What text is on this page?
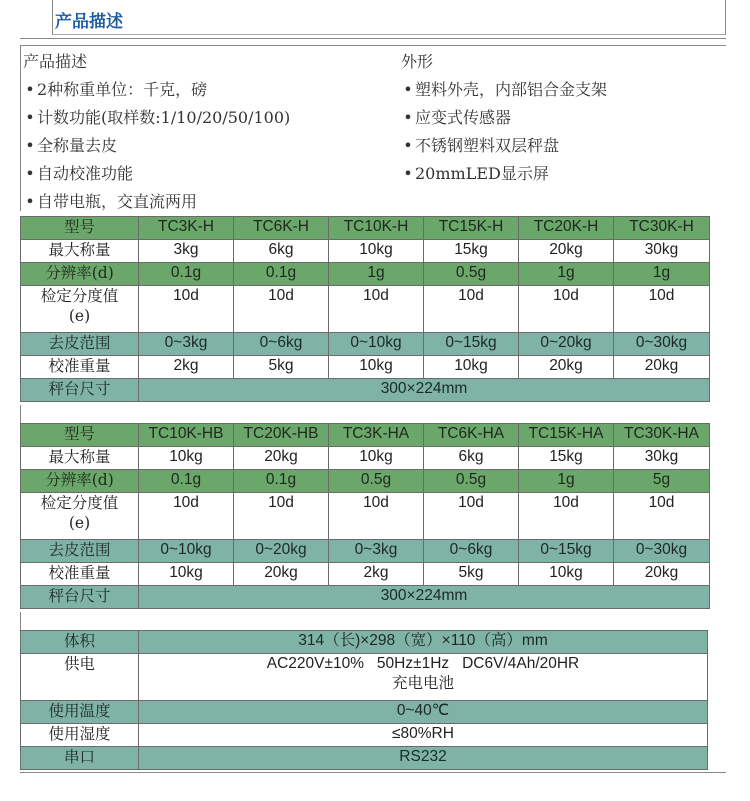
产品描述
产品描述
• 2种称重单位：千克，磅
• 计数功能(取样数:1/10/20/50/100)
• 全称量去皮
• 自动校准功能
• 自带电瓶，交直流两用
外形
• 塑料外壳，内部铝合金支架
• 应变式传感器
• 不锈钢塑料双层秤盘
• 20mmLED显示屏
型号	TC3K-H	TC6K-H	TC10K-H	TC15K-H	TC20K-H	TC30K-H
最大称量	3kg	6kg	10kg	15kg	20kg	30kg
分辨率(d)	0.1g	0.1g	1g	0.5g	1g	1g

检定分度值
(e)	10d	10d	10d	10d	10d	10d
去皮范围	0~3kg	0~6kg	0~10kg	0~15kg	0~20kg	0~30kg
校准重量	2kg	5kg	10kg	10kg	20kg	20kg
秤台尺寸	300×224mm					
型号	TC10K-HB	TC20K-HB	TC3K-HA	TC6K-HA	TC15K-HA	TC30K-HA
最大称量	10kg	20kg	10kg	6kg	15kg	30kg
分辨率(d)	0.1g	0.1g	0.5g	0.5g	1g	5g

检定分度值
(e)	10d	10d	10d	10d	10d	10d
去皮范围	0~10kg	0~20kg	0~3kg	0~6kg	0~15kg	0~30kg
校准重量	10kg	20kg	2kg	5kg	10kg	20kg
秤台尺寸	300×224mm					
体积	314（长)×298（宽）×110（高）mm
供电	AC220V±10%   50Hz±1Hz   DC6V/4Ah/20HR
充电电池

使用温度	0~40℃
使用湿度	≤80%RH
串口	RS232
